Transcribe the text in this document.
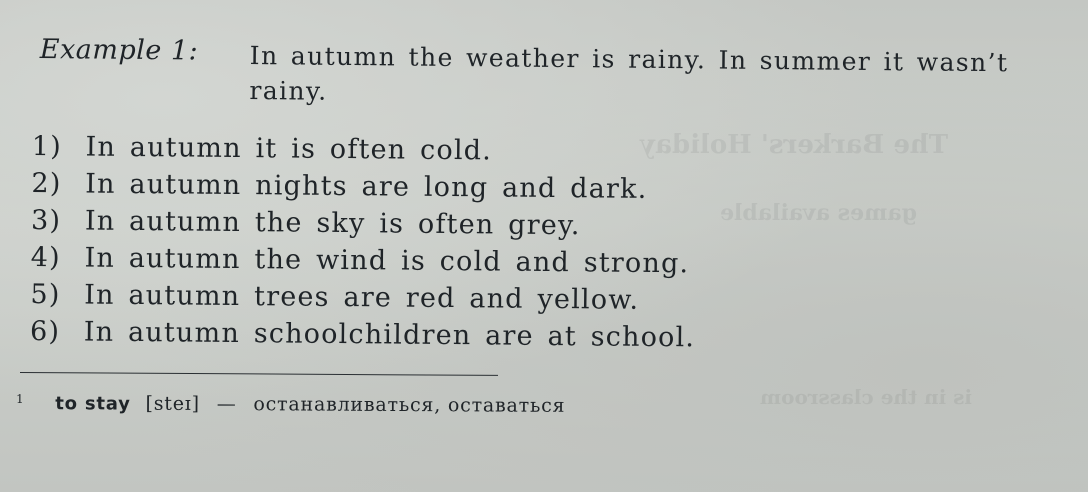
The Barkers' Holiday
games available
is in the classroom
Example 1: In autumn the weather is rainy. In summer it wasn’t
rainy.
1) In autumn it is often cold.
2) In autumn nights are long and dark.
3) In autumn the sky is often grey.
4) In autumn the wind is cold and strong.
5) In autumn trees are red and yellow.
6) In autumn schoolchildren are at school.
$^1$ to stay [steɪ] — останавливаться, оставаться
